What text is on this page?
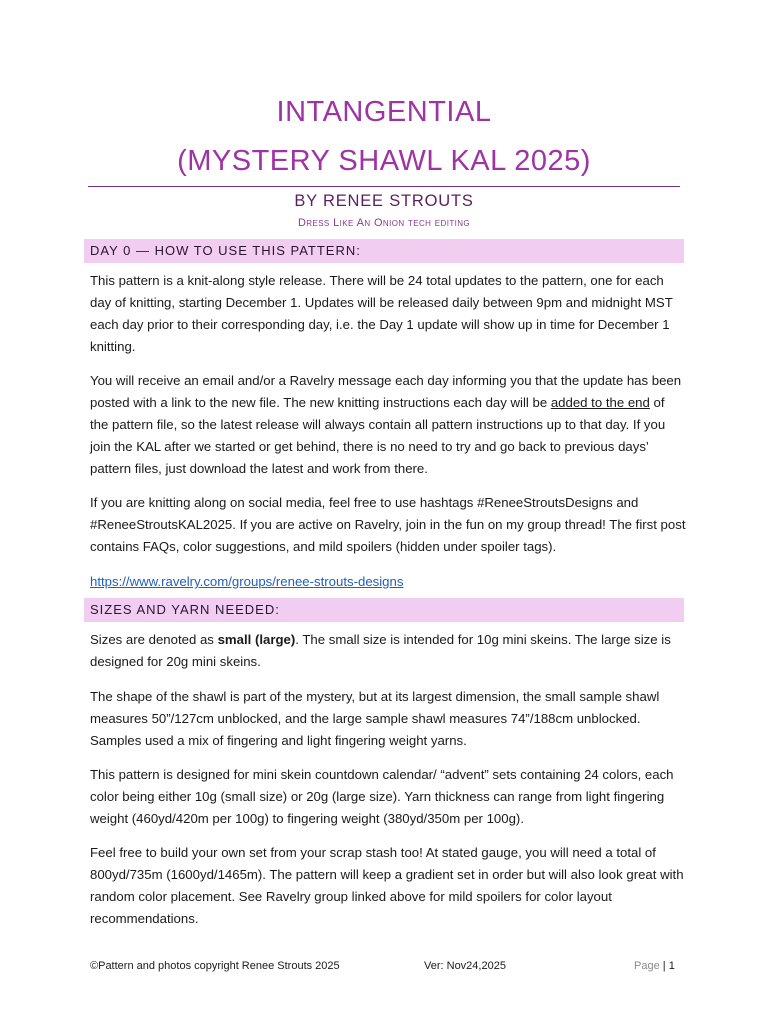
INTANGENTIAL
(MYSTERY SHAWL KAL 2025)
BY RENEE STROUTS
Dress Like An Onion tech editing
DAY 0 — HOW TO USE THIS PATTERN:
This pattern is a knit-along style release. There will be 24 total updates to the pattern, one for each day of knitting, starting December 1. Updates will be released daily between 9pm and midnight MST each day prior to their corresponding day, i.e. the Day 1 update will show up in time for December 1 knitting.
You will receive an email and/or a Ravelry message each day informing you that the update has been posted with a link to the new file. The new knitting instructions each day will be added to the end of the pattern file, so the latest release will always contain all pattern instructions up to that day. If you join the KAL after we started or get behind, there is no need to try and go back to previous days’ pattern files, just download the latest and work from there.
If you are knitting along on social media, feel free to use hashtags #ReneeStroutsDesigns and #ReneeStroutsKAL2025. If you are active on Ravelry, join in the fun on my group thread! The first post contains FAQs, color suggestions, and mild spoilers (hidden under spoiler tags).
https://www.ravelry.com/groups/renee-strouts-designs
SIZES AND YARN NEEDED:
Sizes are denoted as small (large). The small size is intended for 10g mini skeins. The large size is designed for 20g mini skeins.
The shape of the shawl is part of the mystery, but at its largest dimension, the small sample shawl measures 50”/127cm unblocked, and the large sample shawl measures 74”/188cm unblocked. Samples used a mix of fingering and light fingering weight yarns.
This pattern is designed for mini skein countdown calendar/ “advent” sets containing 24 colors, each color being either 10g (small size) or 20g (large size). Yarn thickness can range from light fingering weight (460yd/420m per 100g) to fingering weight (380yd/350m per 100g).
Feel free to build your own set from your scrap stash too! At stated gauge, you will need a total of 800yd/735m (1600yd/1465m). The pattern will keep a gradient set in order but will also look great with random color placement. See Ravelry group linked above for mild spoilers for color layout recommendations.
©Pattern and photos copyright Renee Strouts 2025	Ver: Nov24,2025	Page | 1
